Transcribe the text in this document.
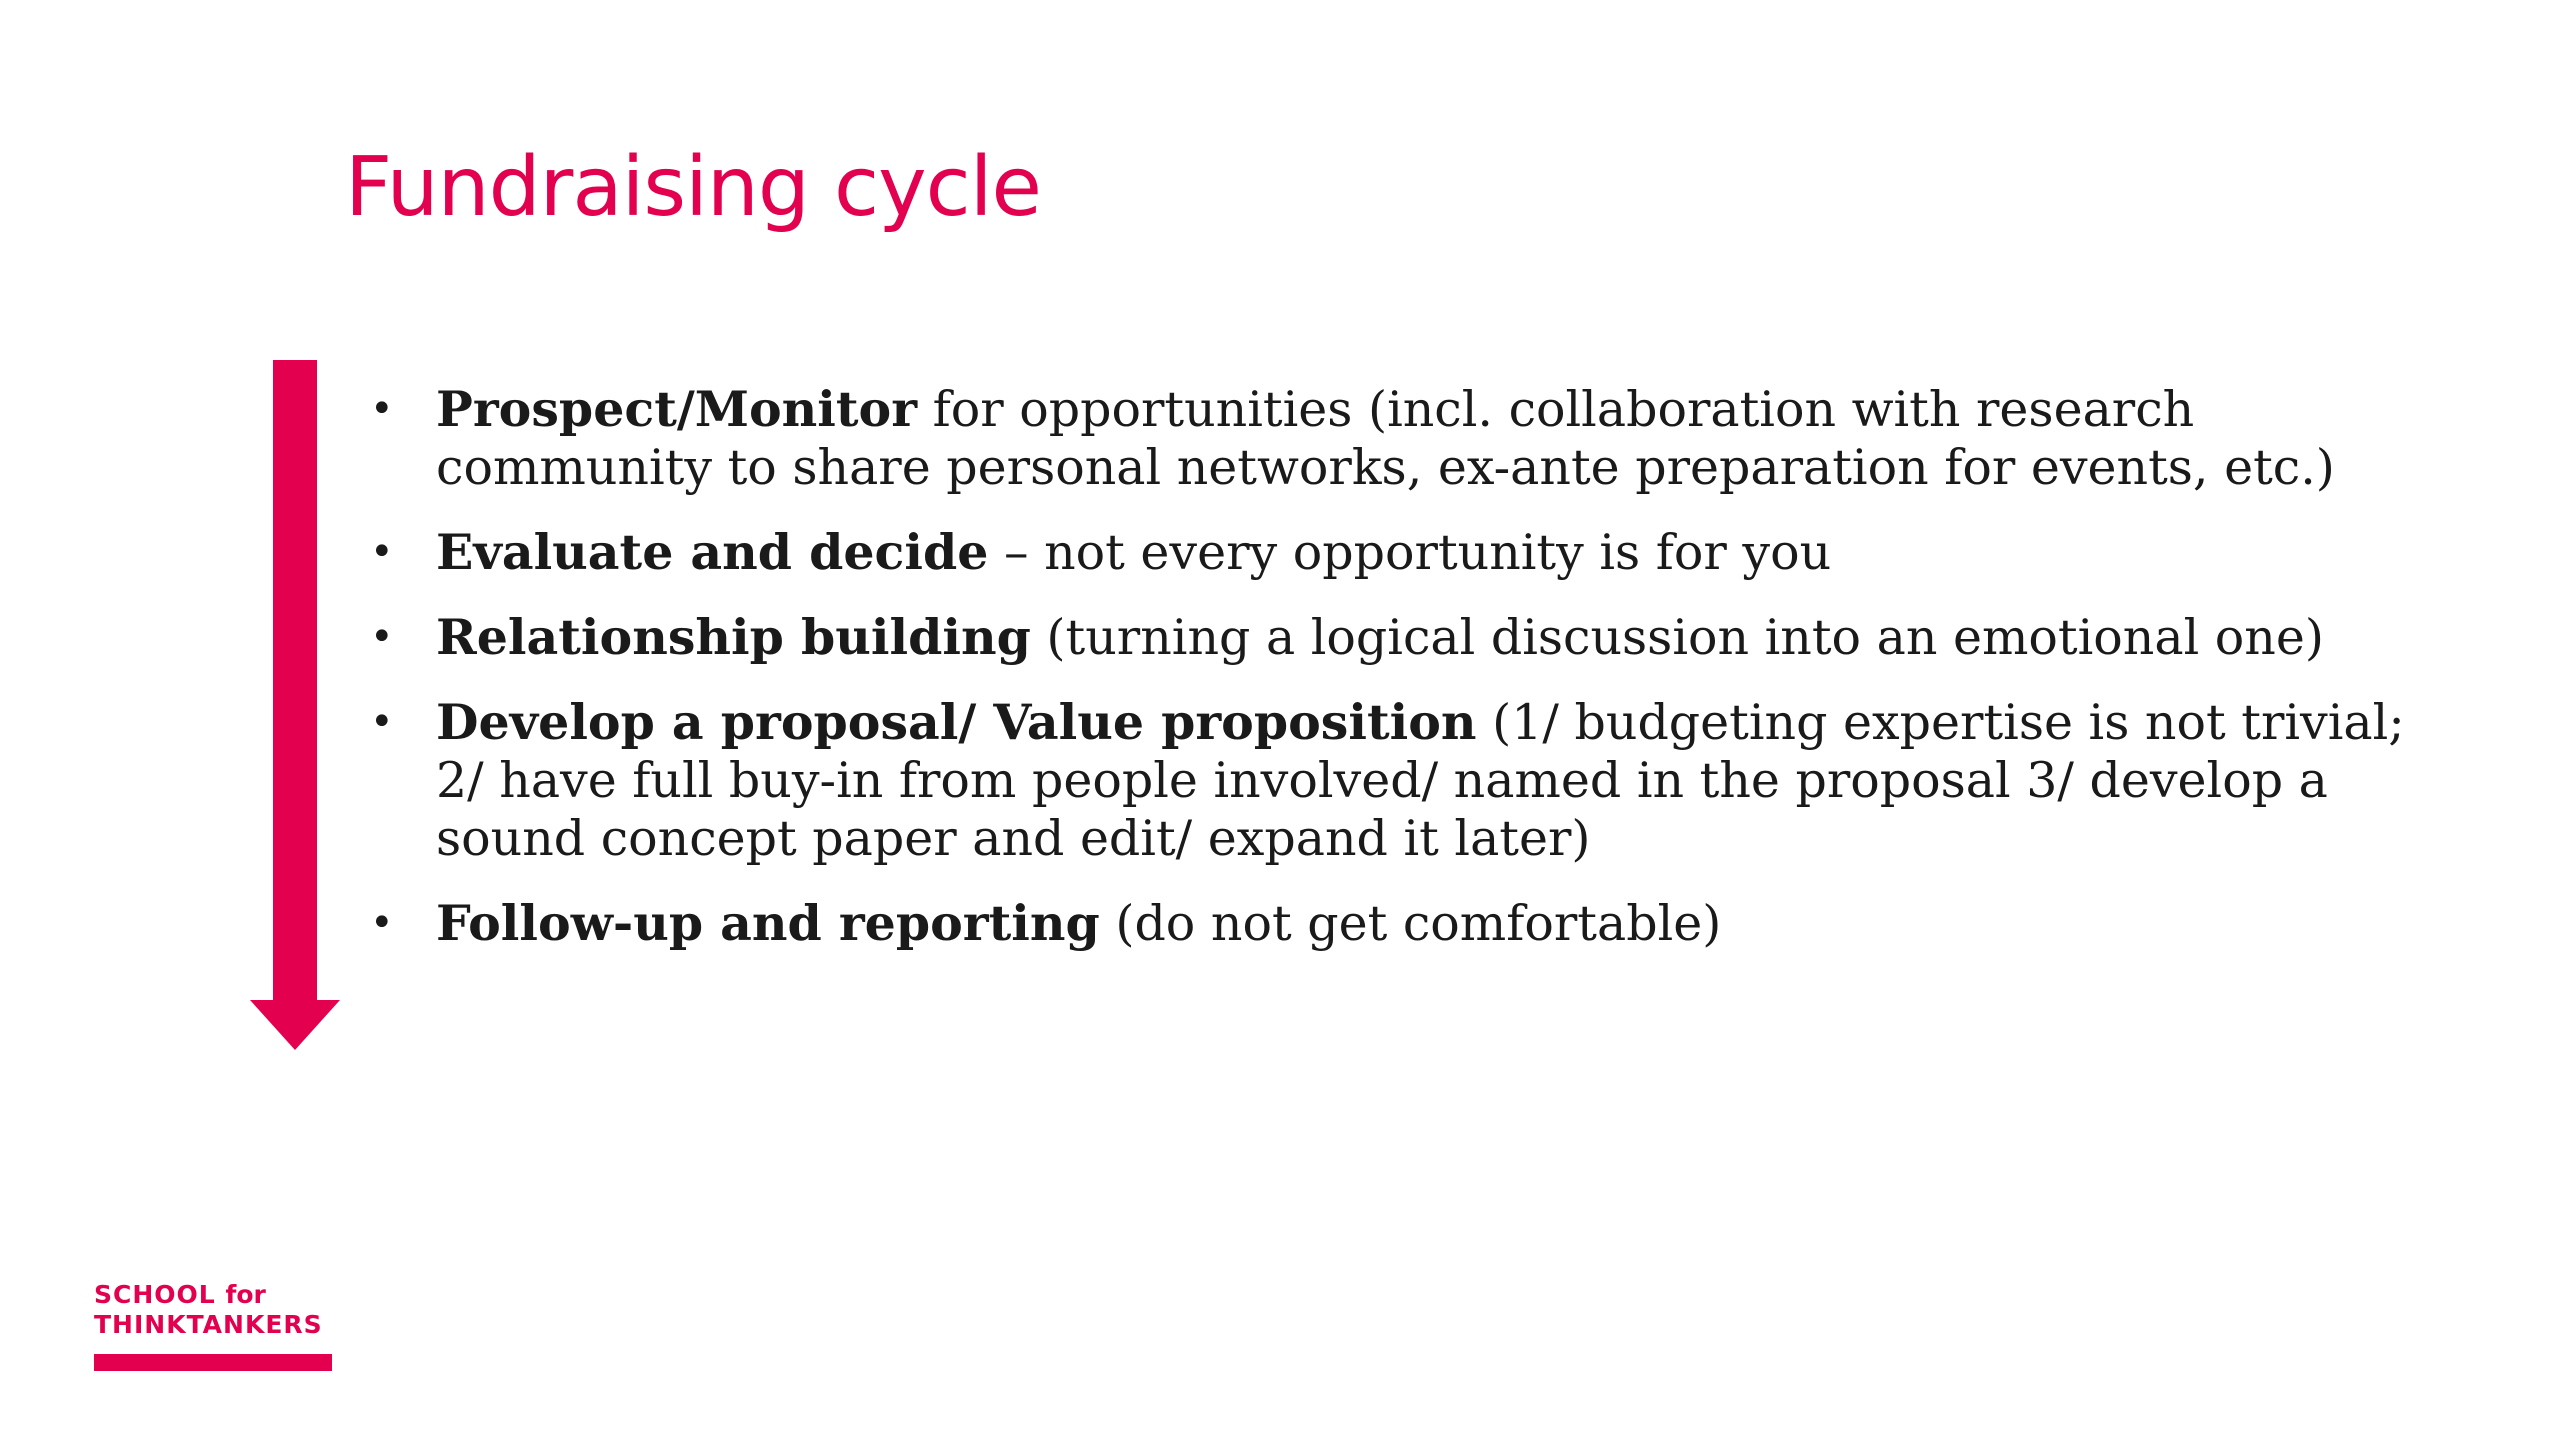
Fundraising cycle
• Prospect/Monitor for opportunities (incl. collaboration with research community to share personal networks, ex-ante preparation for events, etc.)
• Evaluate and decide – not every opportunity is for you
• Relationship building (turning a logical discussion into an emotional one)
• Develop a proposal/ Value proposition (1/ budgeting expertise is not trivial; 2/ have full buy-in from people involved/ named in the proposal 3/ develop a sound concept paper and edit/ expand it later)
• Follow-up and reporting (do not get comfortable)
SCHOOL for
THINKTANKERS
